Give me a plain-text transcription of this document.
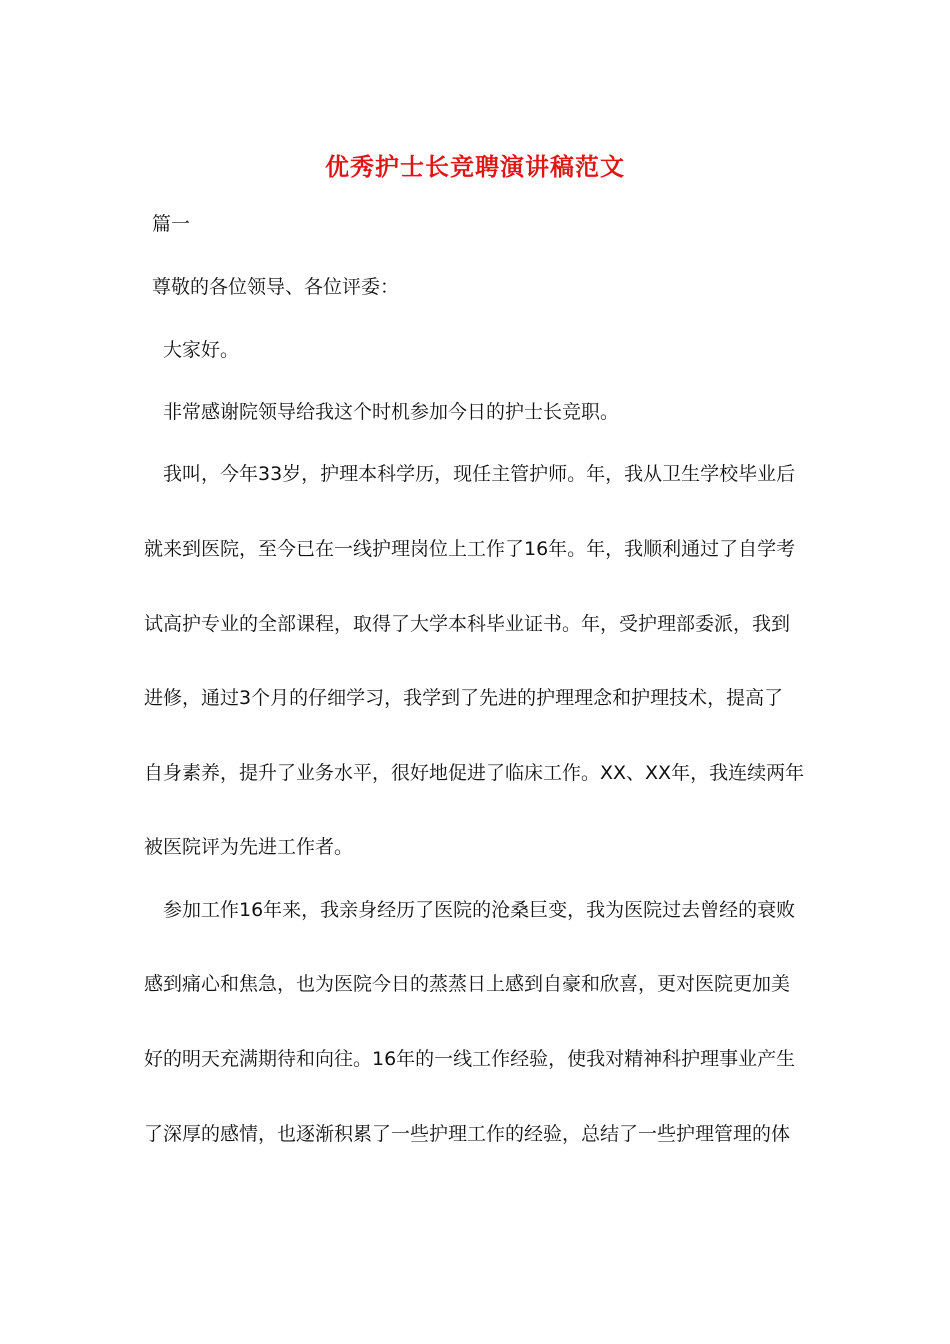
优秀护士长竞聘演讲稿范文
篇一
尊敬的各位领导、各位评委：
大家好。
非常感谢院领导给我这个时机参加今日的护士长竞职。
我叫，今年33岁，护理本科学历，现任主管护师。年，我从卫生学校毕业后
就来到医院，至今已在一线护理岗位上工作了16年。年，我顺利通过了自学考
试高护专业的全部课程，取得了大学本科毕业证书。年，受护理部委派，我到
进修，通过3个月的仔细学习，我学到了先进的护理理念和护理技术，提高了
自身素养，提升了业务水平，很好地促进了临床工作。XX、XX年，我连续两年
被医院评为先进工作者。
参加工作16年来，我亲身经历了医院的沧桑巨变，我为医院过去曾经的衰败
感到痛心和焦急，也为医院今日的蒸蒸日上感到自豪和欣喜，更对医院更加美
好的明天充满期待和向往。16年的一线工作经验，使我对精神科护理事业产生
了深厚的感情，也逐渐积累了一些护理工作的经验，总结了一些护理管理的体
